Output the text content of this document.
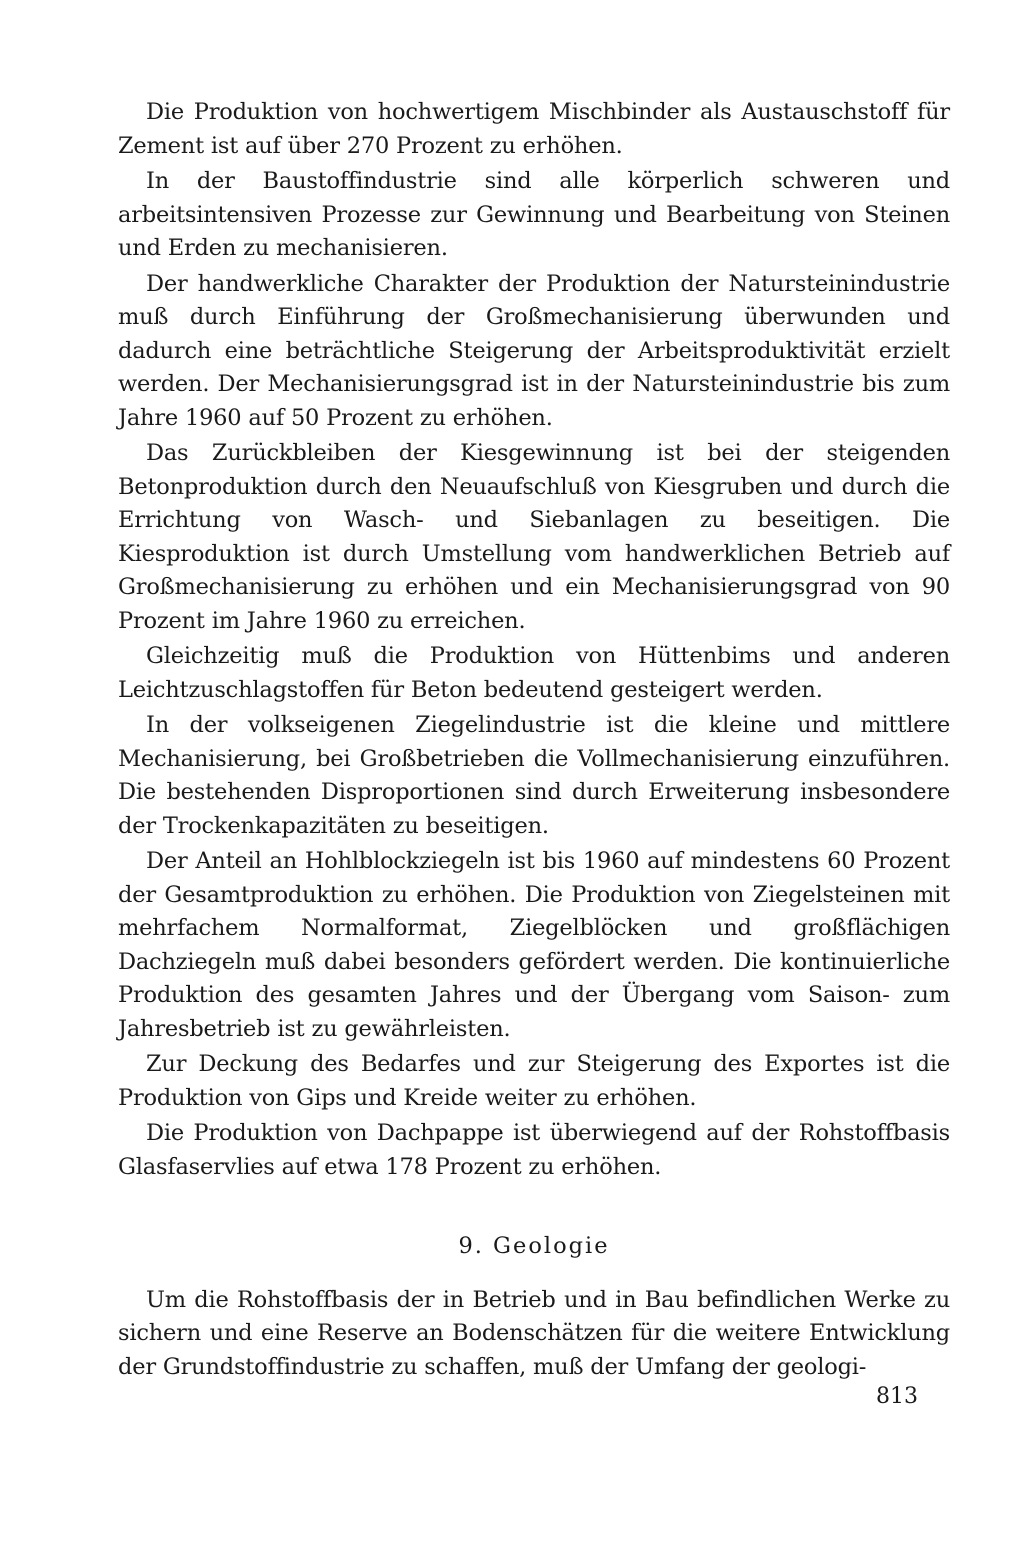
Die Produktion von hochwertigem Mischbinder als Austauschstoff für Zement ist auf über 270 Prozent zu erhöhen.

In der Baustoffindustrie sind alle körperlich schweren und arbeitsintensiven Prozesse zur Gewinnung und Bearbeitung von Steinen und Erden zu mechanisieren.

Der handwerkliche Charakter der Produktion der Natursteinindustrie muß durch Einführung der Großmechanisierung überwunden und dadurch eine beträchtliche Steigerung der Arbeitsproduktivität erzielt werden. Der Mechanisierungsgrad ist in der Natursteinindustrie bis zum Jahre 1960 auf 50 Prozent zu erhöhen.

Das Zurückbleiben der Kiesgewinnung ist bei der steigenden Betonproduktion durch den Neuaufschluß von Kiesgruben und durch die Errichtung von Wasch- und Siebanlagen zu beseitigen. Die Kiesproduktion ist durch Umstellung vom handwerklichen Betrieb auf Großmechanisierung zu erhöhen und ein Mechanisierungsgrad von 90 Prozent im Jahre 1960 zu erreichen.

Gleichzeitig muß die Produktion von Hüttenbims und anderen Leichtzuschlagstoffen für Beton bedeutend gesteigert werden.

In der volkseigenen Ziegelindustrie ist die kleine und mittlere Mechanisierung, bei Großbetrieben die Vollmechanisierung einzuführen. Die bestehenden Disproportionen sind durch Erweiterung insbesondere der Trockenkapazitäten zu beseitigen.

Der Anteil an Hohlblockziegeln ist bis 1960 auf mindestens 60 Prozent der Gesamtproduktion zu erhöhen. Die Produktion von Ziegelsteinen mit mehrfachem Normalformat, Ziegelblöcken und großflächigen Dachziegeln muß dabei besonders gefördert werden. Die kontinuierliche Produktion des gesamten Jahres und der Übergang vom Saison- zum Jahresbetrieb ist zu gewährleisten.

Zur Deckung des Bedarfes und zur Steigerung des Exportes ist die Produktion von Gips und Kreide weiter zu erhöhen.

Die Produktion von Dachpappe ist überwiegend auf der Rohstoffbasis Glasfaservlies auf etwa 178 Prozent zu erhöhen.

9. Geologie

Um die Rohstoffbasis der in Betrieb und in Bau befindlichen Werke zu sichern und eine Reserve an Bodenschätzen für die weitere Entwicklung der Grundstoffindustrie zu schaffen, muß der Umfang der geologi-

813
